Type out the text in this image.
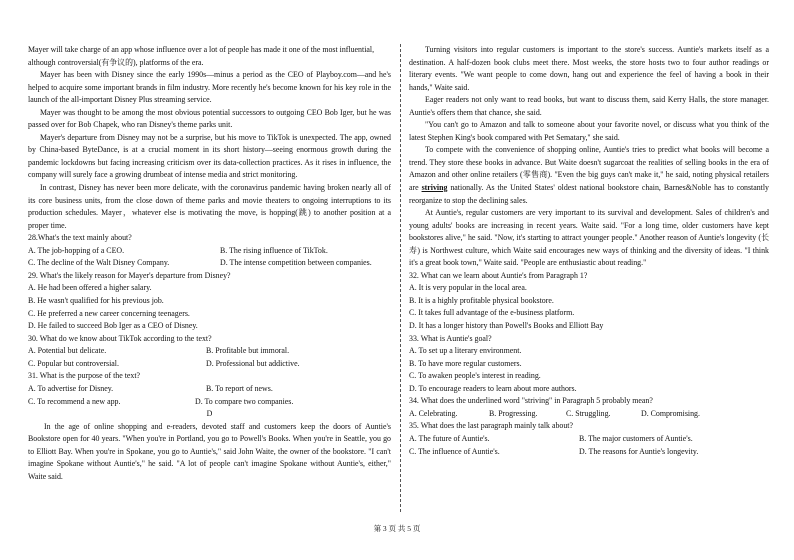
Mayer will take charge of an app whose influence over a lot of people has made it one of the most influential,

although controversial(有争议的), platforms of the era.

Mayer has been with Disney since the early 1990s—minus a period as the CEO of Playboy.com—and he's helped to acquire some important brands in film industry. More recently he's become known for his key role in the launch of the all-important Disney Plus streaming service.

Mayer was thought to be among the most obvious potential successors to outgoing CEO Bob Iger, but he was passed over for Bob Chapek, who ran Disney's theme parks unit.

Mayer's departure from Disney may not be a surprise, but his move to TikTok is unexpected. The app, owned by China-based ByteDance, is at a crucial moment in its short history—seeing enormous growth during the pandemic lockdowns but facing increasing criticism over its data-collection practices. As it rises in influence, the company will surely face a growing drumbeat of intense media and strict monitoring.

In contrast, Disney has never been more delicate, with the coronavirus pandemic having broken nearly all of its core business units, from the close down of theme parks and movie theaters to ongoing interruptions to its production schedules. Mayer，whatever else is motivating the move, is hopping(跳) to another position at a proper time.

28.What's the text mainly about?

A. The job-hopping of a CEO.	B. The rising influence of TikTok.
C. The decline of the Walt Disney Company.	D. The intense competition between companies.

29. What's the likely reason for Mayer's departure from Disney?

A. He had been offered a higher salary.

B. He wasn't qualified for his previous job.

C. He preferred a new career concerning teenagers.

D. He failed to succeed Bob Iger as a CEO of Disney.

30. What do we know about TikTok according to the text?

A. Potential but delicate.	B. Profitable but immoral.
C. Popular but controversial.	D. Professional but addictive.

31. What is the purpose of the text?

A. To advertise for Disney.	B. To report of news.
C. To recommend a new app.	D. To compare two companies.

D

In the age of online shopping and e-readers, devoted staff and customers keep the doors of Auntie's Bookstore open for 40 years. "When you're in Portland, you go to Powell's Books. When you're in Seattle, you go to Elliott Bay. When you're in Spokane, you go to Auntie's," said John Waite, the owner of the bookstore. "I can't imagine Spokane without Auntie's," he said. "A lot of people can't imagine Spokane without Auntie's, either," Waite said.

Turning visitors into regular customers is important to the store's success. Auntie's markets itself as a destination. A half-dozen book clubs meet there. Most weeks, the store hosts two to four author readings or literary events. "We want people to come down, hang out and experience the feel of having a book in their hands," Waite said.

Eager readers not only want to read books, but want to discuss them, said Kerry Halls, the store manager. Auntie's offers them that chance, she said.

"You can't go to Amazon and talk to someone about your favorite novel, or discuss what you think of the latest Stephen King's book compared with Pet Sematary," she said.

To compete with the convenience of shopping online, Auntie's tries to predict what books will become a trend. They store these books in advance. But Waite doesn't sugarcoat the realities of selling books in the era of Amazon and other online retailers (零售商). "Even the big guys can't make it," he said, noting physical retailers are striving nationally. As the United States' oldest national bookstore chain, Barnes&Noble has to constantly reorganize to stop the declining sales.

At Auntie's, regular customers are very important to its survival and development. Sales of children's and young adults' books are increasing in recent years. Waite said. "For a long time, older customers have kept bookstores alive," he said. "Now, it's starting to attract younger people." Another reason of Auntie's longevity (长寿) is Northwest culture, which Waite said encourages new ways of thinking and the diversity of ideas. "I think it's a great book town," Waite said. "People are enthusiastic about reading."

32. What can we learn about Auntie's from Paragraph 1?

A. It is very popular in the local area.

B. It is a highly profitable physical bookstore.

C. It takes full advantage of the e-business platform.

D. It has a longer history than Powell's Books and Elliott Bay

33. What is Auntie's goal?

A. To set up a literary environment.

B. To have more regular customers.

C. To awaken people's interest in reading.

D. To encourage readers to learn about more authors.

34. What does the underlined word "striving" in Paragraph 5 probably mean?

A. Celebrating.	B. Progressing.	C. Struggling.	D. Compromising.

35. What does the last paragraph mainly talk about?

A. The future of Auntie's.	B. The major customers of Auntie's.
C. The influence of Auntie's.	D. The reasons for Auntie's longevity.
第 3 页 共 5 页
